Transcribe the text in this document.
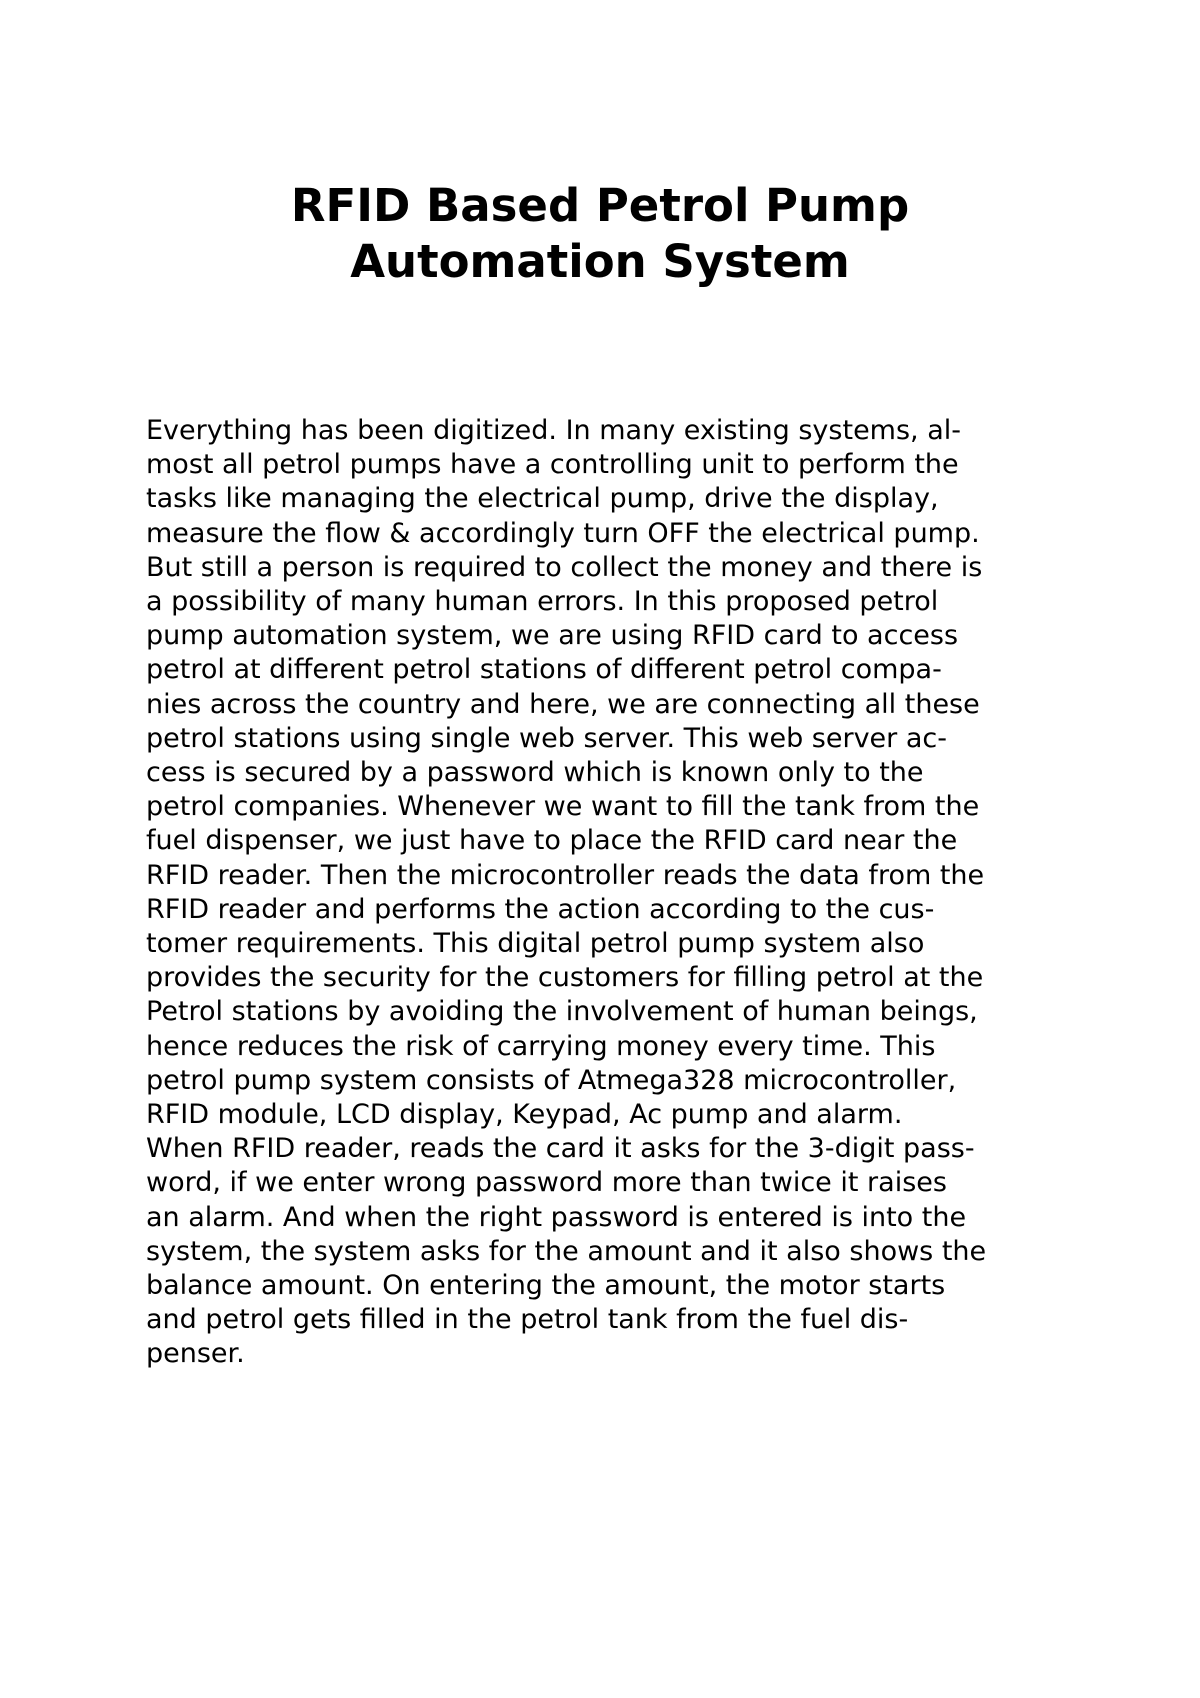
RFID Based Petrol Pump
Automation System

Everything has been digitized. In many existing systems, al-
most all petrol pumps have a controlling unit to perform the
tasks like managing the electrical pump, drive the display,
measure the flow & accordingly turn OFF the electrical pump.
But still a person is required to collect the money and there is
a possibility of many human errors. In this proposed petrol
pump automation system, we are using RFID card to access
petrol at different petrol stations of different petrol compa-
nies across the country and here, we are connecting all these
petrol stations using single web server. This web server ac-
cess is secured by a password which is known only to the
petrol companies. Whenever we want to fill the tank from the
fuel dispenser, we just have to place the RFID card near the
RFID reader. Then the microcontroller reads the data from the
RFID reader and performs the action according to the cus-
tomer requirements. This digital petrol pump system also
provides the security for the customers for filling petrol at the
Petrol stations by avoiding the involvement of human beings,
hence reduces the risk of carrying money every time. This
petrol pump system consists of Atmega328 microcontroller,
RFID module, LCD display, Keypad, Ac pump and alarm.
When RFID reader, reads the card it asks for the 3-digit pass-
word, if we enter wrong password more than twice it raises
an alarm. And when the right password is entered is into the
system, the system asks for the amount and it also shows the
balance amount. On entering the amount, the motor starts
and petrol gets filled in the petrol tank from the fuel dis-
penser.
